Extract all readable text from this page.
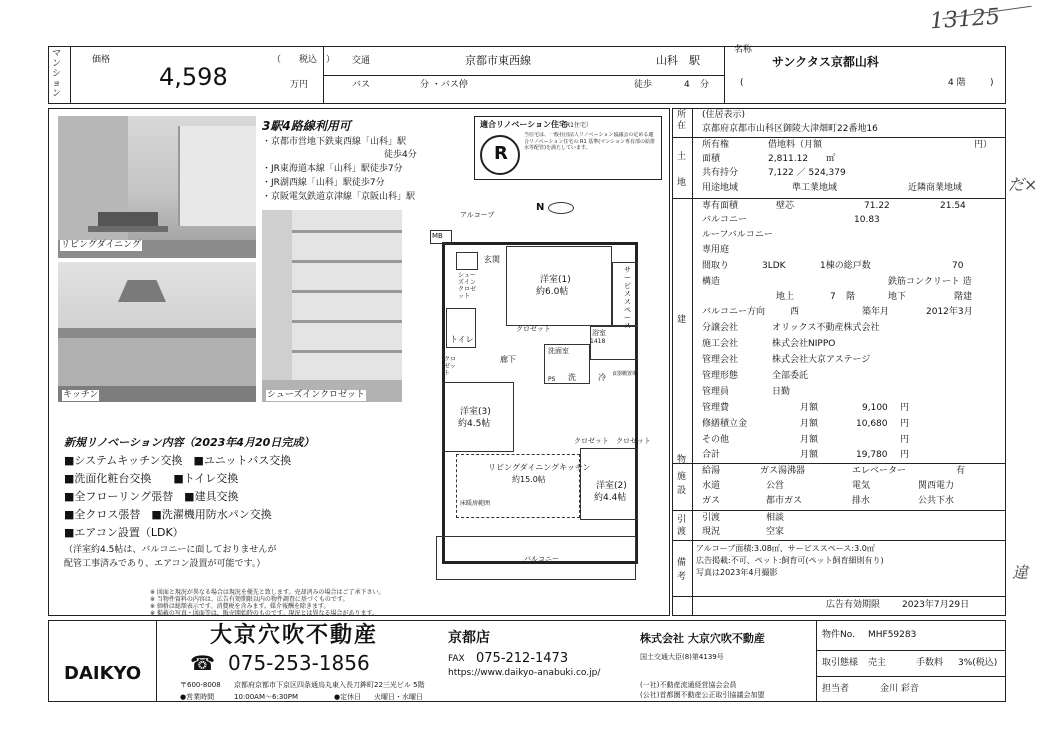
13125
だ×
違
マンション
価格	（　　税込　）
4,598	万円
交通	京都市東西線	山科　駅
バス	分 ・バス停	徒歩	4 分
名称
サンクタス京都山科
(	4 階	)
リビングダイニング
キッチン	シューズインクロゼット
3駅4路線利用可
・京都市営地下鉄東西線「山科」駅
徒歩4分
・JR東海道本線「山科」駅徒歩7分
・JR湖西線「山科」駅徒歩7分
・京阪電気鉄道京津線「京阪山科」駅
適合リノベーション住宅
（R1住宅）
R
当住宅は、一般社団法人リノベーション協議会の定める適合リノベーション住宅の R1 基準(マンション専有部の給排水等配管)を満たしています。
新規リノベーション内容（2023年4月20日完成）
■システムキッチン交換　■ユニットバス交換
■洗面化粧台交換　　■トイレ交換
■全フローリング張替　■建具交換
■全クロス張替　■洗濯機用防水パン交換
■エアコン設置（LDK）
（洋室約4.5帖は、バルコニーに面しておりませんが
配管工事済みであり、エアコン設置が可能です。）
※ 図面と現況が異なる場合は現況を優先と致します。売却済みの場合はご了承下さい。
※ 当物件資料の内容は、広告有効期限以内の物件調査に基づくものです。
※ 価格は総額表示です。消費税を含みます。媒介報酬を除きます。
※ 掲載の写真・図面等は、販売開始時のものです。現況とは異なる場合があります。
N
アルコーブ
MB
玄関
シューズインクロゼット
洋室(1)
約6.0帖
サービススペース
クロゼット
トイレ
廊下
浴室
1418
洗面室
洗	冷 食器棚置場
PS
洋室(3)
約4.5帖
クロゼット
クロゼット クロゼット
リビングダイニングキッチン
約15.0帖
床暖房範囲
洋室(2)
約4.4帖
バルコニー
所在
(住居表示)
京都府京都市山科区御陵大津畑町22番地16
土地
所有権	借地料（月額	円）
面積	2,811.12 ㎡
共有持分	7,122 ／ 524,379
用途地域	準工業地域	近隣商業地域
建物
専有面積	壁芯	71.22	21.54
バルコニー	10.83
ルーフバルコニー
専用庭
間取り	3LDK	1棟の総戸数	70
構造	鉄筋コンクリート 造
地上	7 階	地下	階建
バルコニー方向	西	築年月	2012年3月
分譲会社	オリックス不動産株式会社
施工会社	株式会社NIPPO
管理会社	株式会社大京アステージ
管理形態	全部委託
管理員	日勤
管理費	月額	9,100 円
修繕積立金	月額	10,680 円
その他	月額	円
合計	月額	19,780 円
施設
給湯	ガス湯沸器	エレベーター	有
水道	公営	電気	関西電力
ガス	都市ガス	排水	公共下水
引渡
引渡	相談
現況	空家
備考
アルコーブ面積:3.08㎡、サービススペース:3.0㎡
広告掲載:不可、ペット:飼育可(ペット飼育細則有り)
写真は2023年4月撮影
広告有効期限 2023年7月29日
DAIKYO
大京穴吹不動産	京都店
☎ 075-253-1856	FAX 075-212-1473
https://www.daikyo-anabuki.co.jp/
〒600-8008 京都府京都市下京区四条通烏丸東入長刀鉾町22三光ビル 5階
●営業時間	10:00AM〜6:30PM	●定休日 火曜日・水曜日
株式会社 大京穴吹不動産
国土交通大臣(8)第4139号
(一社)不動産流通経営協会会員
(公社)首都圏不動産公正取引協議会加盟
物件No. MHF59283
取引態様 売主	手数料 3%(税込)
担当者	金川 彩音
